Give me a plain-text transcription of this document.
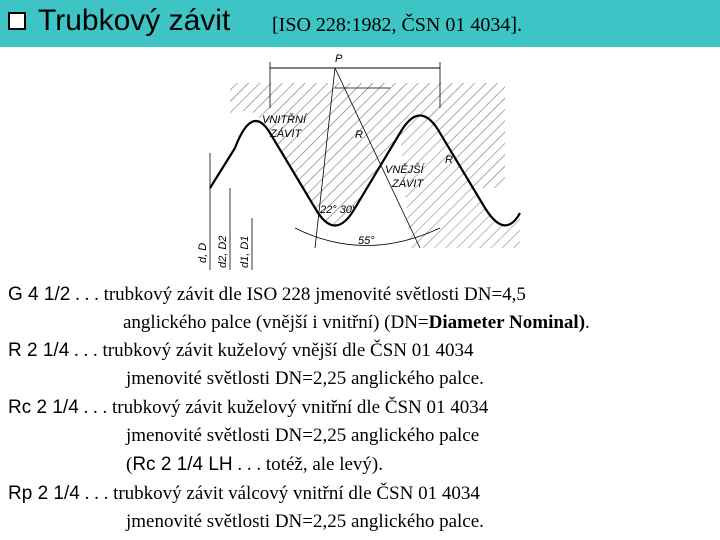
Trubkový závit [ISO 228:1982, ČSN 01 4034].
P
VNITŘNÍ
ZÁVIT
VNĚJŠÍ
ZÁVIT
R
R
22° 30'
55°
d, D d2, D2 d1, D1
G 4 1/2 . . . trubkový závit dle ISO 228 jmenovité světlosti DN=4,5
anglického palce (vnější i vnitřní) (DN=Diameter Nominal).
R 2 1/4 . . . trubkový závit kuželový vnější dle ČSN 01 4034
jmenovité světlosti DN=2,25 anglického palce.
Rc 2 1/4 . . . trubkový závit kuželový vnitřní dle ČSN 01 4034
jmenovité světlosti DN=2,25 anglického palce
(Rc 2 1/4 LH . . . totéž, ale levý).
Rp 2 1/4 . . . trubkový závit válcový vnitřní dle ČSN 01 4034
jmenovité světlosti DN=2,25 anglického palce.
